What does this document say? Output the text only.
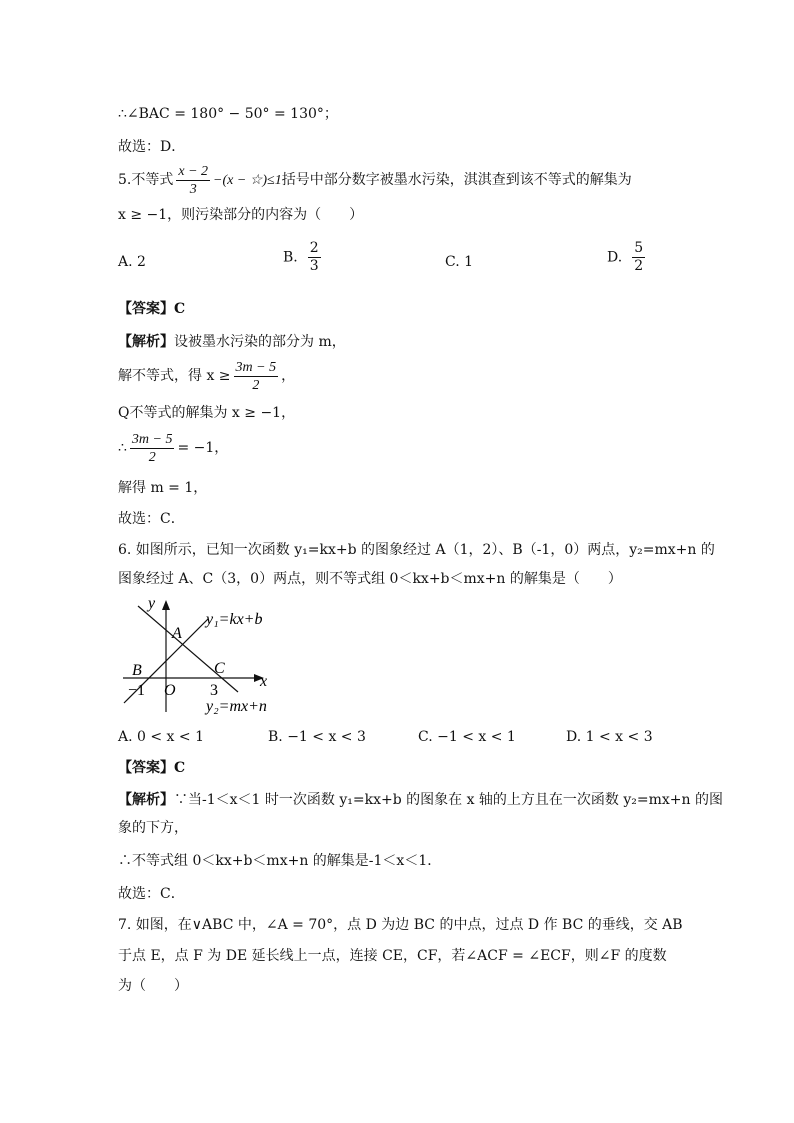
∴∠BAC = 180° − 50° = 130°；
故选：D．
5.不等式 $\frac{x - 2}{3} -(x$ − ☆)≤1括号中部分数字被墨水污染，淇淇查到该不等式的解集为
x ≥ −1，则污染部分的内容为（　　）
A. 2	B. $\frac{2}{3}$	C. 1	D. $\frac{5}{2}$
【答案】C
【解析】设被墨水污染的部分为 m，
解不等式，得 $x \ge \frac{3m - 5}{2}$ ，
Q不等式的解集为 x ≥ −1，
∴ $\frac{3m - 5}{2} = -1$，
解得 m = 1，
故选：C．
6. 如图所示，已知一次函数 y₁=kx+b 的图象经过 A（1，2）、B（-1，0）两点，y₂=mx+n 的
图象经过 A、C（3，0）两点，则不等式组 0＜kx+b＜mx+n 的解集是（　　）
y
x
y₁=kx+b
y₂=mx+n
A
B	C
O
−1	3
A. 0 < x < 1	B. −1 < x < 3	C. −1 < x < 1	D. 1 < x < 3
【答案】C
【解析】∵当-1＜x＜1 时一次函数 y₁=kx+b 的图象在 x 轴的上方且在一次函数 y₂=mx+n 的图
象的下方，
∴不等式组 0＜kx+b＜mx+n 的解集是-1＜x＜1．
故选：C．
7. 如图，在∨ABC 中，∠A = 70°，点 D 为边 BC 的中点，过点 D 作 BC 的垂线，交 AB
于点 E，点 F 为 DE 延长线上一点，连接 CE，CF，若∠ACF = ∠ECF，则∠F 的度数
为（　　）
